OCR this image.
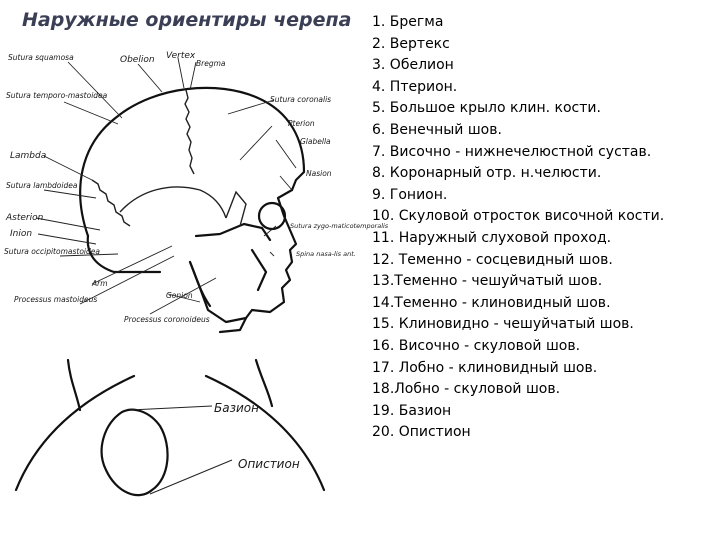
Наружные ориентиры черепа
Sutura squamosa	Obelion Vertex
Bregma
Sutura temporo-mastoidea	Sutura coronalis
Pterion
Glabella
Lambda
Nasion
Sutura lambdoidea
Asterion
Sutura zygo-maticotemporalis
Inion
Sutura occipitomastoidea	Spina nasa-lis ant.
Arm
Gonion
Processus mastoideus
Processus coronoideus
Базион
Опистион
1. Брегма
2. Вертекс
3. Обелион
4. Птерион.
5. Большое крыло клин. кости.
6. Венечный шов.
7. Височно - нижнечелюстной сустав.
8. Коронарный отр. н.челюсти.
9. Гонион.
10. Скуловой отросток височной кости.
11. Наружный слуховой проход.
12. Теменно - сосцевидный шов.
13.Теменно - чешуйчатый шов.
14.Теменно - клиновидный шов.
15. Клиновидно - чешуйчатый шов.
16. Височно - скуловой шов.
17. Лобно - клиновидный шов.
18.Лобно - скуловой шов.
19. Базион
20. Опистион
